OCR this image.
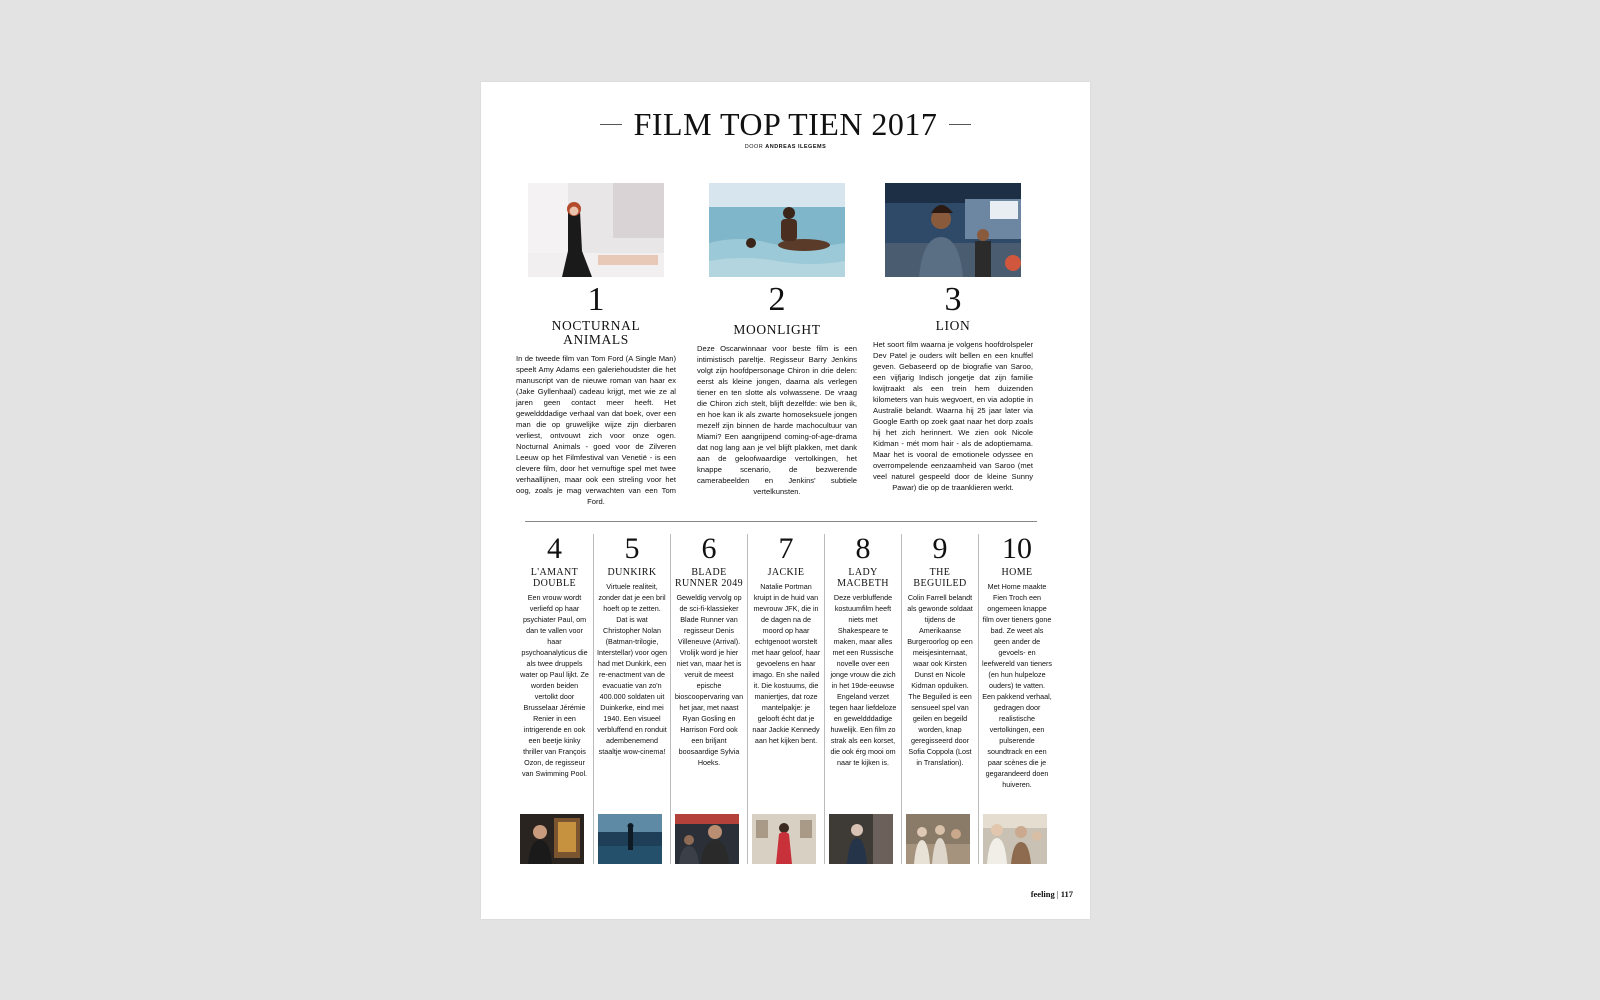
FILM TOP TIEN 2017
DOOR ANDREAS ILEGEMS
1
NOCTURNAL ANIMALS
In de tweede film van Tom Ford (A Single Man) speelt Amy Adams een galeriehoudster die het manuscript van de nieuwe roman van haar ex (Jake Gyllenhaal) cadeau krijgt, met wie ze al jaren geen contact meer heeft. Het geweldddadige verhaal van dat boek, over een man die op gruwelijke wijze zijn dierbaren verliest, ontvouwt zich voor onze ogen. Nocturnal Animals - goed voor de Zilveren Leeuw op het Filmfestival van Venetië - is een clevere film, door het vernuftige spel met twee verhaallijnen, maar ook een streling voor het oog, zoals je mag verwachten van een Tom Ford.
2
MOONLIGHT
Deze Oscarwinnaar voor beste film is een intimistisch pareltje. Regisseur Barry Jenkins volgt zijn hoofdpersonage Chiron in drie delen: eerst als kleine jongen, daarna als verlegen tiener en ten slotte als volwassene. De vraag die Chiron zich stelt, blijft dezelfde: wie ben ik, en hoe kan ik als zwarte homoseksuele jongen mezelf zijn binnen de harde machocultuur van Miami? Een aangrijpend coming-of-age-drama dat nog lang aan je vel blijft plakken, met dank aan de geloofwaardige vertolkingen, het knappe scenario, de bezwerende camerabeelden en Jenkins' subtiele vertelkunsten.
3
LION
Het soort film waarna je volgens hoofdrolspeler Dev Patel je ouders wilt bellen en een knuffel geven. Gebaseerd op de biografie van Saroo, een vijfjarig Indisch jongetje dat zijn familie kwijtraakt als een trein hem duizenden kilometers van huis wegvoert, en via adoptie in Australië belandt. Waarna hij 25 jaar later via Google Earth op zoek gaat naar het dorp zoals hij het zich herinnert. We zien ook Nicole Kidman - mét mom hair - als de adoptiemama. Maar het is vooral de emotionele odyssee en overrompelende eenzaamheid van Saroo (met veel naturel gespeeld door de kleine Sunny Pawar) die op de traanklieren werkt.
4
L'AMANT DOUBLE
Een vrouw wordt verliefd op haar psychiater Paul, om dan te vallen voor haar psychoanalyticus die als twee druppels water op Paul lijkt. Ze worden beiden vertolkt door Brusselaar Jérémie Renier in een intrigerende en ook een beetje kinky thriller van François Ozon, de regisseur van Swimming Pool.
5
DUNKIRK
Virtuele realiteit, zonder dat je een bril hoeft op te zetten. Dat is wat Christopher Nolan (Batman-trilogie, Interstellar) voor ogen had met Dunkirk, een re-enactment van de evacuatie van zo'n 400.000 soldaten uit Duinkerke, eind mei 1940. Een visueel verbluffend en ronduit adembenemend staaltje wow-cinema!
6
BLADE RUNNER 2049
Geweldig vervolg op de sci-fi-klassieker Blade Runner van regisseur Denis Villeneuve (Arrival). Vrolijk word je hier niet van, maar het is veruit de meest epische bioscoopervaring van het jaar, met naast Ryan Gosling en Harrison Ford ook een briljant boosaardige Sylvia Hoeks.
7
JACKIE
Natalie Portman kruipt in de huid van mevrouw JFK, die in de dagen na de moord op haar echtgenoot worstelt met haar geloof, haar gevoelens en haar imago. En she nailed it. Die kostuums, die maniertjes, dat roze mantelpakje: je gelooft écht dat je naar Jackie Kennedy aan het kijken bent.
8
LADY MACBETH
Deze verbluffende kostuumfilm heeft niets met Shakespeare te maken, maar alles met een Russische novelle over een jonge vrouw die zich in het 19de-eeuwse Engeland verzet tegen haar liefdeloze en geweldddadige huwelijk. Een film zo strak als een korset, die ook érg mooi om naar te kijken is.
9
THE BEGUILED
Colin Farrell belandt als gewonde soldaat tijdens de Amerikaanse Burgeroorlog op een meisjesinternaat, waar ook Kirsten Dunst en Nicole Kidman opduiken. The Beguiled is een sensueel spel van geilen en begeild worden, knap geregisseerd door Sofia Coppola (Lost in Translation).
10
HOME
Met Home maakte Fien Troch een ongemeen knappe film over tieners gone bad. Ze weet als geen ander de gevoels- en leefwereld van tieners (en hun hulpeloze ouders) te vatten. Een pakkend verhaal, gedragen door realistische vertolkingen, een pulserende soundtrack en een paar scènes die je gegarandeerd doen huiveren.
feeling | 117
